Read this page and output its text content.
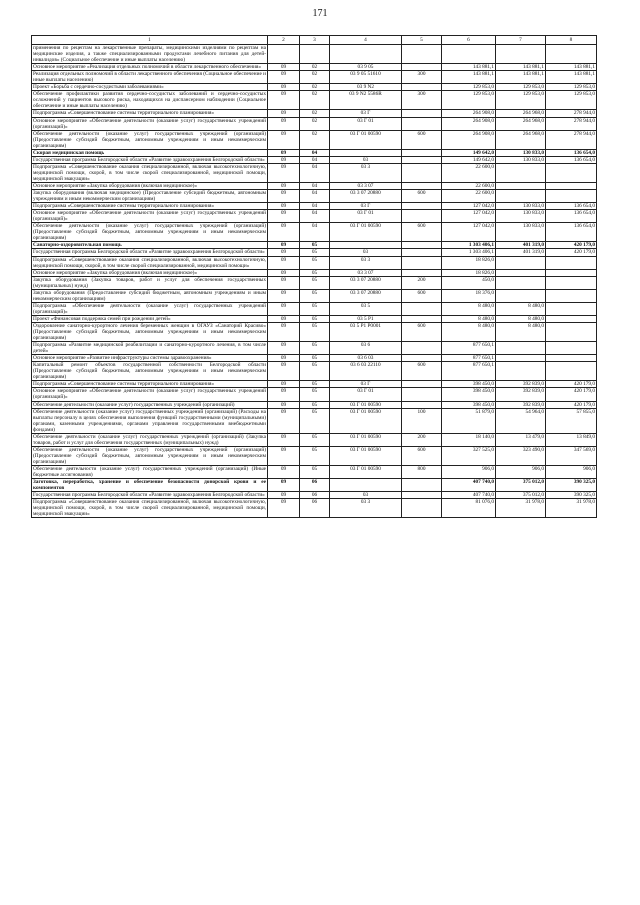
171
1	2	3	4	5	6	7	8
применения по рецептам на лекарственные препараты, медицинскими изделиями по рецептам на медицинские изделия, а также специализированными продуктами лечебного питания для детей-инвалидов» (Социальное обеспечение и иные выплаты населению)							
Основное мероприятие «Реализация отдельных полномочий в области лекарственного обеспечения»	09	02	03 9 05		143 881,1	143 881,1	143 881,1
Реализация отдельных полномочий в области лекарственного обеспечения (Социальное обеспечение и иные выплаты населению)	09	02	03 9 05 51610	300	143 881,1	143 881,1	143 881,1
Проект «Борьба с сердечно-сосудистыми заболеваниями»	09	02	03 9 N2		129 853,0	129 853,0	129 853,0
Обеспечение профилактики развития сердечно-сосудистых заболеваний и сердечно-сосудистых осложнений у пациентов высокого риска, находящихся на диспансерном наблюдении (Социальное обеспечение и иные выплаты населению)	09	02	03 9 N2 5586R	300	129 853,0	129 853,0	129 853,0
Подпрограмма «Совершенствование системы территориального планирования»	09	02	03 Г		264 908,0	264 968,0	278 944,0
Основное мероприятие «Обеспечение деятельности (оказание услуг) государственных учреждений (организаций)»	09	02	03 Г 01		264 908,0	264 968,0	278 944,0
Обеспечение деятельности (оказание услуг) государственных учреждений (организаций) (Предоставление субсидий бюджетным, автономным учреждениям и иным некоммерческим организациям)	09	02	03 Г 01 00590	600	264 908,0	264 968,0	278 944,0
Скорая медицинская помощь	09	04			149 642,0	130 833,0	136 654,0
Государственная программа Белгородской области «Развитие здравоохранения Белгородской области»	09	04	03		149 642,0	130 833,0	136 654,0
Подпрограмма «Совершенствование оказания специализированной, включая высокотехнологичную, медицинской помощи, скорой, в том числе скорой специализированной, медицинской помощи, медицинской эвакуации»	09	04	03 3		22 600,0		
Основное мероприятие «Закупка оборудования (включая медицинское)»	09	04	03 3 07		22 600,0		
Закупка оборудования (включая медицинское) (Предоставление субсидий бюджетным, автономным учреждениям и иным некоммерческим организациям)	09	04	03 3 07 20880	600	22 600,0		
Подпрограмма «Совершенствование системы территориального планирования»	09	04	03 Г		127 042,0	130 833,0	136 654,0
Основное мероприятие «Обеспечение деятельности (оказание услуг) государственных учреждений (организаций)»	09	04	03 Г 01		127 042,0	130 833,0	136 654,0
Обеспечение деятельности (оказание услуг) государственных учреждений (организаций) (Предоставление субсидий бюджетным, автономным учреждениям и иным некоммерческим организациям)	09	04	03 Г 01 00590	600	127 042,0	130 833,0	136 654,0
Санаторно-оздоровительная помощь	09	05			1 303 406,1	401 319,0	420 179,0
Государственная программа Белгородской области «Развитие здравоохранения Белгородской области»	09	05	03		1 303 406,1	401 319,0	420 179,0
Подпрограмма «Совершенствование оказания специализированной, включая высокотехнологичную, медицинской помощи, скорой, в том числе скорой специализированной, медицинской помощи»	09	05	03 3		18 826,0		
Основное мероприятие «Закупка оборудования (включая медицинское)»	09	05	03 3 07		18 826,0		
Закупка оборудования (Закупка товаров, работ и услуг для обеспечения государственных (муниципальных) нужд)	09	05	03 3 07 20880	200	450,0		
Закупка оборудования (Предоставление субсидий бюджетным, автономным учреждениям и иным некоммерческим организациям)	09	05	03 3 07 20880	600	18 376,0		
Подпрограмма «Обеспечение деятельности (оказание услуг) государственных учреждений (организаций)»	09	05	03 5		8 480,0	8 480,0	
Проект «Финансовая поддержка семей при рождении детей»	09	05	03 5 P1		8 480,0	8 480,0	
Оздоровление санаторно-курортного лечения беременных женщин в ОГАУЗ «Санаторий Красиво» (Предоставление субсидий бюджетным, автономным учреждениям и иным некоммерческим организациям)	09	05	03 5 P1 P0001	600	8 480,0	8 480,0	
Подпрограмма «Развитие медицинской реабилитации и санаторно-курортного лечения, в том числе детей»	09	05	03 6		877 650,1		
Основное мероприятие «Развитие инфраструктуры системы здравоохранения»	09	05	03 6 03		877 650,1		
Капитальный ремонт объектов государственной собственности Белгородской области (Предоставление субсидий бюджетным, автономным учреждениям и иным некоммерческим организациям)	09	05	03 6 03 22110	600	877 650,1		
Подпрограмма «Совершенствование системы территориального планирования»	09	05	03 Г		398 450,0	392 839,0	420 179,0
Основное мероприятие «Обеспечение деятельности (оказание услуг) государственных учреждений (организаций)»	09	05	03 Г 01		398 450,0	392 839,0	420 179,0
Обеспечение деятельности (оказание услуг) государственных учреждений (организаций)	09	05	03 Г 01 00590		398 450,0	392 839,0	420 179,0
Обеспечение деятельности (оказание услуг) государственных учреждений (организаций) (Расходы на выплаты персоналу в целях обеспечения выполнения функций государственными (муниципальными) органами, казенными учреждениями, органами управления государственными внебюджетными фондами)	09	05	03 Г 01 00590	100	51 879,0	54 964,0	57 855,0
Обеспечение деятельности (оказание услуг) государственных учреждений (организаций) (Закупка товаров, работ и услуг для обеспечения государственных (муниципальных) нужд)	09	05	03 Г 01 00590	200	18 140,0	13 479,0	13 849,0
Обеспечение деятельности (оказание услуг) государственных учреждений (организаций) (Предоставление субсидий бюджетным, автономным учреждениям и иным некоммерческим организациям)	09	05	03 Г 01 00590	600	327 525,0	323 490,0	347 569,0
Обеспечение деятельности (оказание услуг) государственных учреждений (организаций) (Иные бюджетные ассигнования)	09	05	03 Г 01 00590	800	906,0	906,0	906,0
Заготовка, переработка, хранение и обеспечение безопасности донорской крови и ее компонентов	09	06			407 740,0	375 012,0	390 325,0
Государственная программа Белгородской области «Развитие здравоохранения Белгородской области»	09	06	03		407 740,0	375 012,0	390 325,0
Подпрограмма «Совершенствование оказания специализированной, включая высокотехнологичную, медицинской помощи, скорой, в том числе скорой специализированной, медицинской помощи, медицинской эвакуации»	09	06	03 3		81 076,0	31 978,0	31 978,0
